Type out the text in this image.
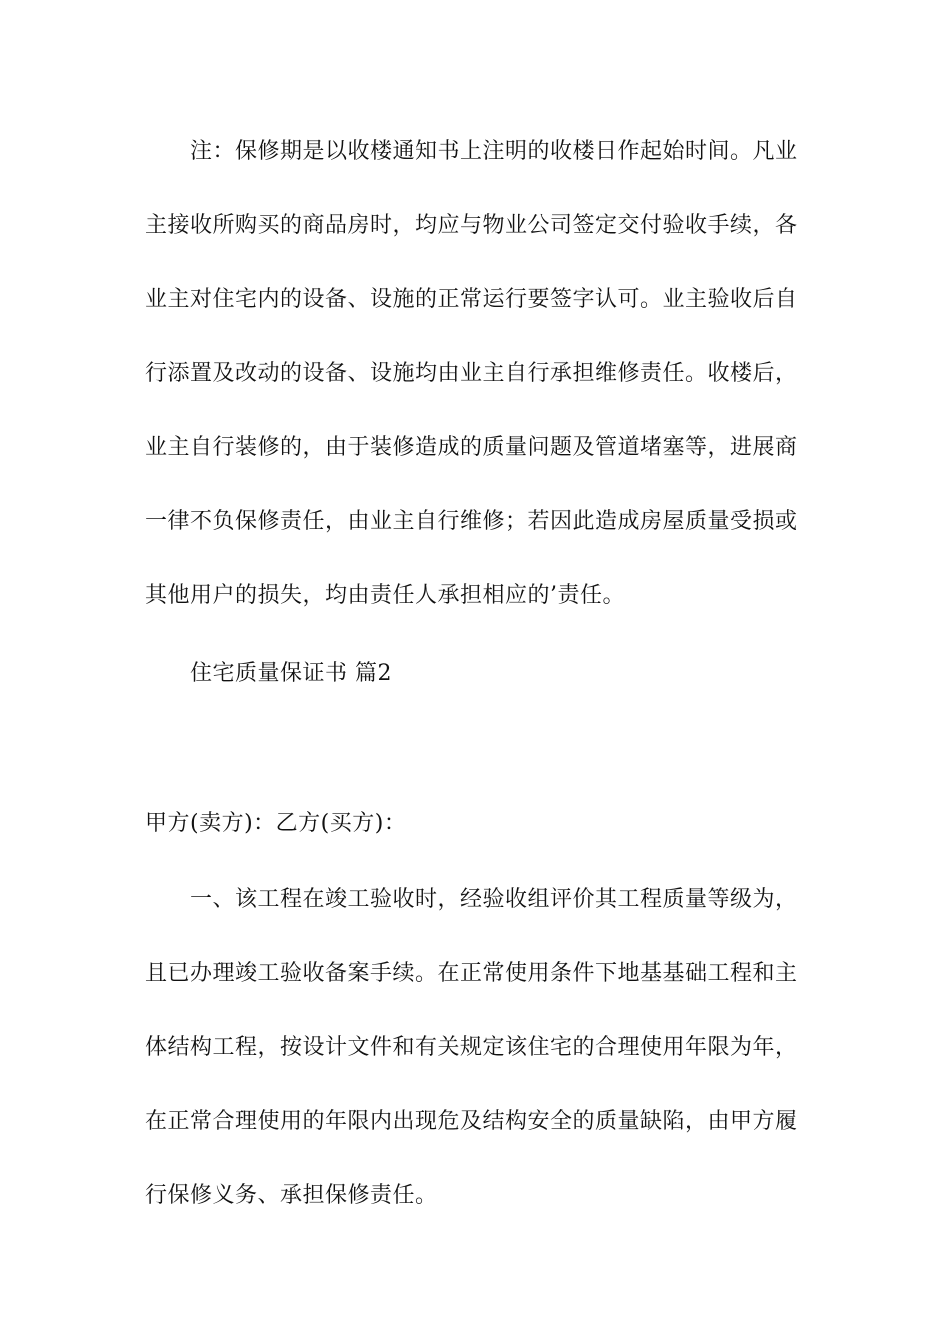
注：保修期是以收楼通知书上注明的收楼日作起始时间。凡业
主接收所购买的商品房时，均应与物业公司签定交付验收手续，各
业主对住宅内的设备、设施的正常运行要签字认可。业主验收后自
行添置及改动的设备、设施均由业主自行承担维修责任。收楼后，
业主自行装修的，由于装修造成的质量问题及管道堵塞等，进展商
一律不负保修责任，由业主自行维修；若因此造成房屋质量受损或
其他用户的损失，均由责任人承担相应的’责任。
住宅质量保证书 篇2
甲方(卖方)：乙方(买方)：
一、该工程在竣工验收时，经验收组评价其工程质量等级为，
且已办理竣工验收备案手续。在正常使用条件下地基基础工程和主
体结构工程，按设计文件和有关规定该住宅的合理使用年限为年，
在正常合理使用的年限内出现危及结构安全的质量缺陷，由甲方履
行保修义务、承担保修责任。
